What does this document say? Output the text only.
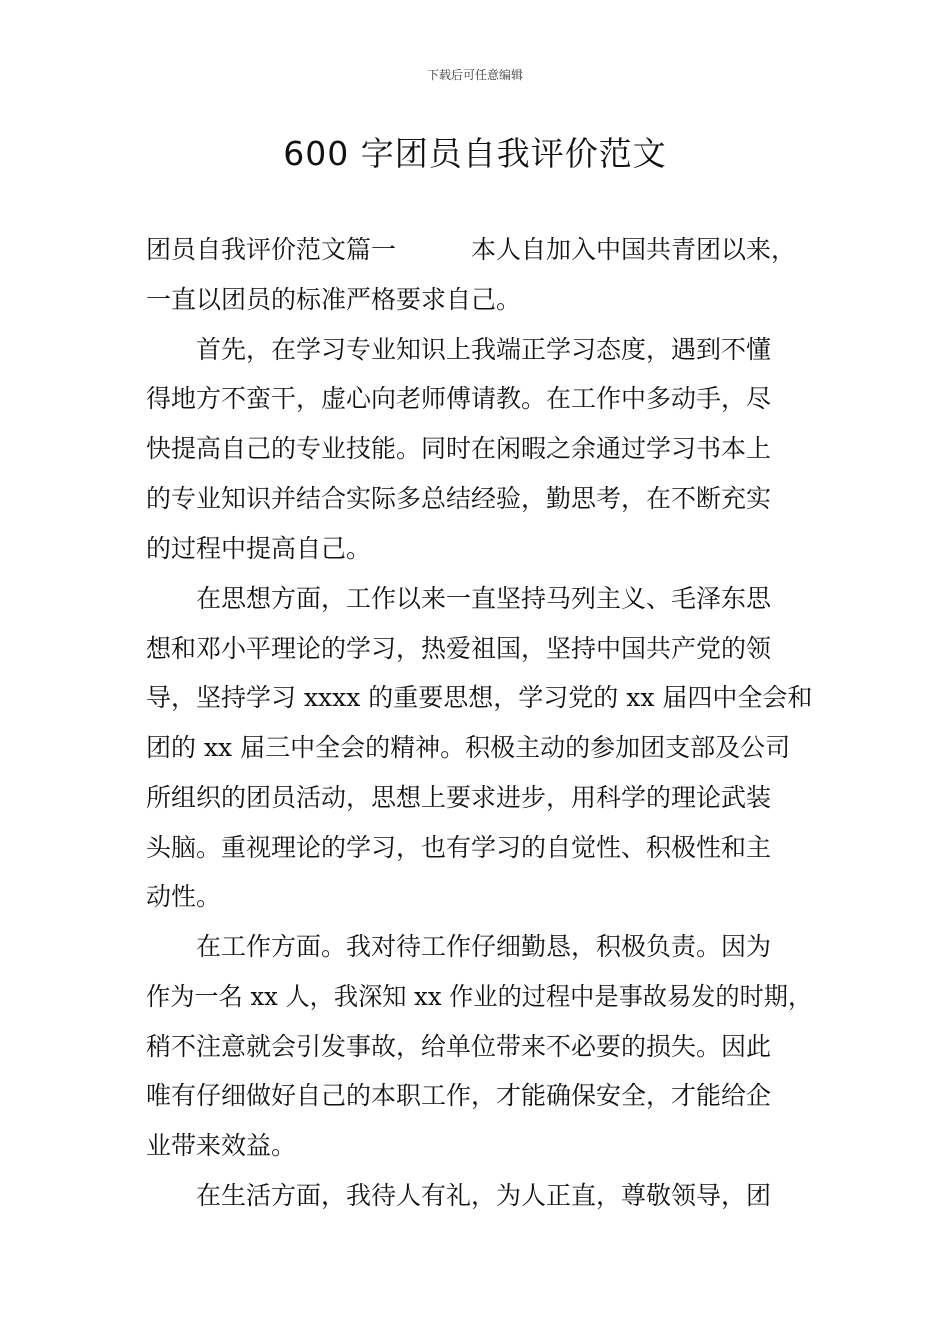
下载后可任意编辑
600 字团员自我评价范文
团员自我评价范文篇一　　　本人自加入中国共青团以来，
一直以团员的标准严格要求自己。
首先，在学习专业知识上我端正学习态度，遇到不懂
得地方不蛮干，虚心向老师傅请教。在工作中多动手，尽
快提高自己的专业技能。同时在闲暇之余通过学习书本上
的专业知识并结合实际多总结经验，勤思考，在不断充实
的过程中提高自己。
在思想方面，工作以来一直坚持马列主义、毛泽东思
想和邓小平理论的学习，热爱祖国，坚持中国共产党的领
导，坚持学习 xxxx 的重要思想，学习党的 xx 届四中全会和
团的 xx 届三中全会的精神。积极主动的参加团支部及公司
所组织的团员活动，思想上要求进步，用科学的理论武装
头脑。重视理论的学习，也有学习的自觉性、积极性和主
动性。
在工作方面。我对待工作仔细勤恳，积极负责。因为
作为一名 xx 人，我深知 xx 作业的过程中是事故易发的时期，
稍不注意就会引发事故，给单位带来不必要的损失。因此
唯有仔细做好自己的本职工作，才能确保安全，才能给企
业带来效益。
在生活方面，我待人有礼，为人正直，尊敬领导，团
